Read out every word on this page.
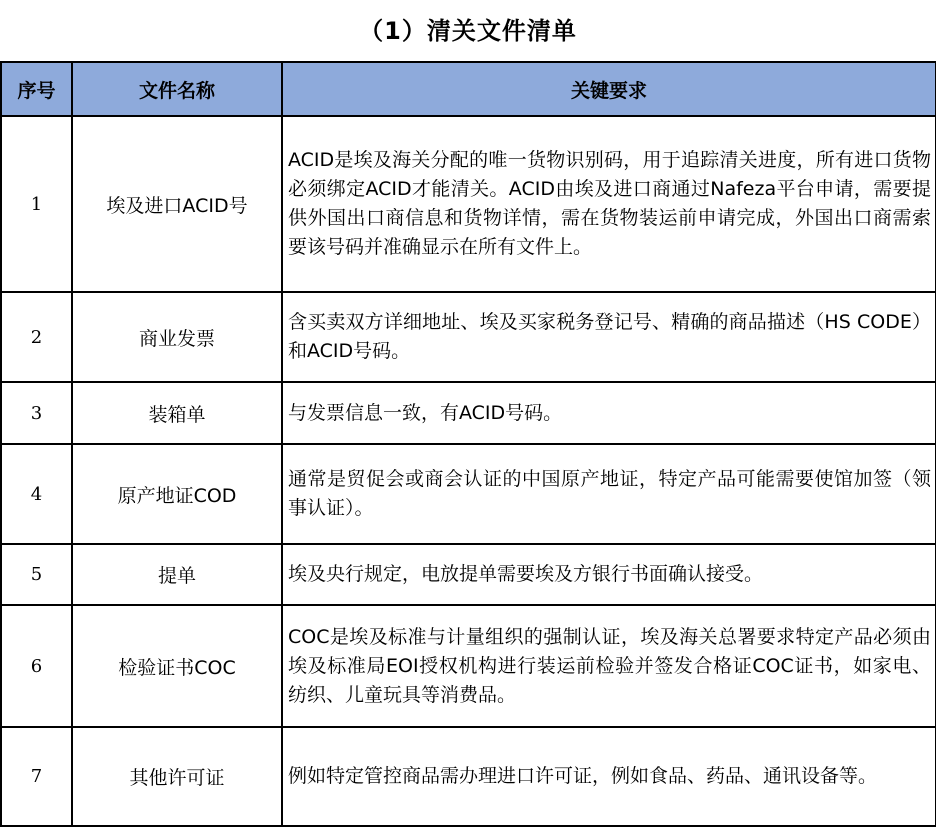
（1）清关文件清单
序号	文件名称	关键要求
1	埃及进口ACID号	ACID是埃及海关分配的唯一货物识别码，用于追踪清关进度，所有进口货物必须绑定ACID才能清关。ACID由埃及进口商通过Nafeza平台申请，需要提供外国出口商信息和货物详情，需在货物装运前申请完成，外国出口商需索要该号码并准确显示在所有文件上。
2	商业发票	含买卖双方详细地址、埃及买家税务登记号、精确的商品描述（HS CODE）和ACID号码。
3	装箱单	与发票信息一致，有ACID号码。
4	原产地证COD	通常是贸促会或商会认证的中国原产地证，特定产品可能需要使馆加签（领事认证）。
5	提单	埃及央行规定，电放提单需要埃及方银行书面确认接受。
6	检验证书COC	COC是埃及标准与计量组织的强制认证，埃及海关总署要求特定产品必须由埃及标准局EOI授权机构进行装运前检验并签发合格证COC证书，如家电、纺织、儿童玩具等消费品。
7	其他许可证	例如特定管控商品需办理进口许可证，例如食品、药品、通讯设备等。
